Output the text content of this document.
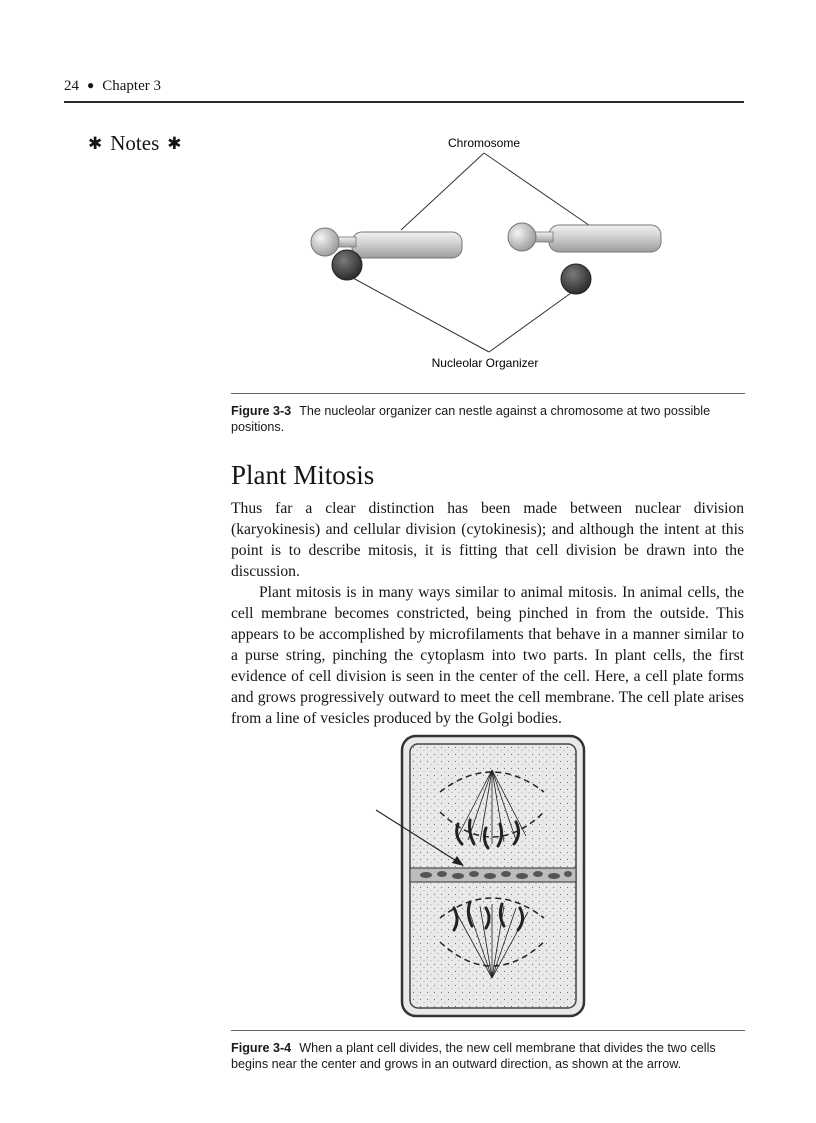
24 ● Chapter 3
✱ Notes ✱	Chromosome
Nucleolar Organizer
Figure 3-3 The nucleolar organizer can nestle against a chromosome at two possible positions.
Plant Mitosis

Thus far a clear distinction has been made between nuclear division (karyokinesis) and cellular division (cytokinesis); and although the intent at this point is to describe mitosis, it is fitting that cell division be drawn into the discussion.

Plant mitosis is in many ways similar to animal mitosis. In animal cells, the cell membrane becomes constricted, being pinched in from the outside. This appears to be accomplished by microfilaments that behave in a manner similar to a purse string, pinching the cytoplasm into two parts. In plant cells, the first evidence of cell division is seen in the center of the cell. Here, a cell plate forms and grows progressively outward to meet the cell membrane. The cell plate arises from a line of vesicles produced by the Golgi bodies.

Figure 3-4 When a plant cell divides, the new cell membrane that divides the two cells begins near the center and grows in an outward direction, as shown at the arrow.
